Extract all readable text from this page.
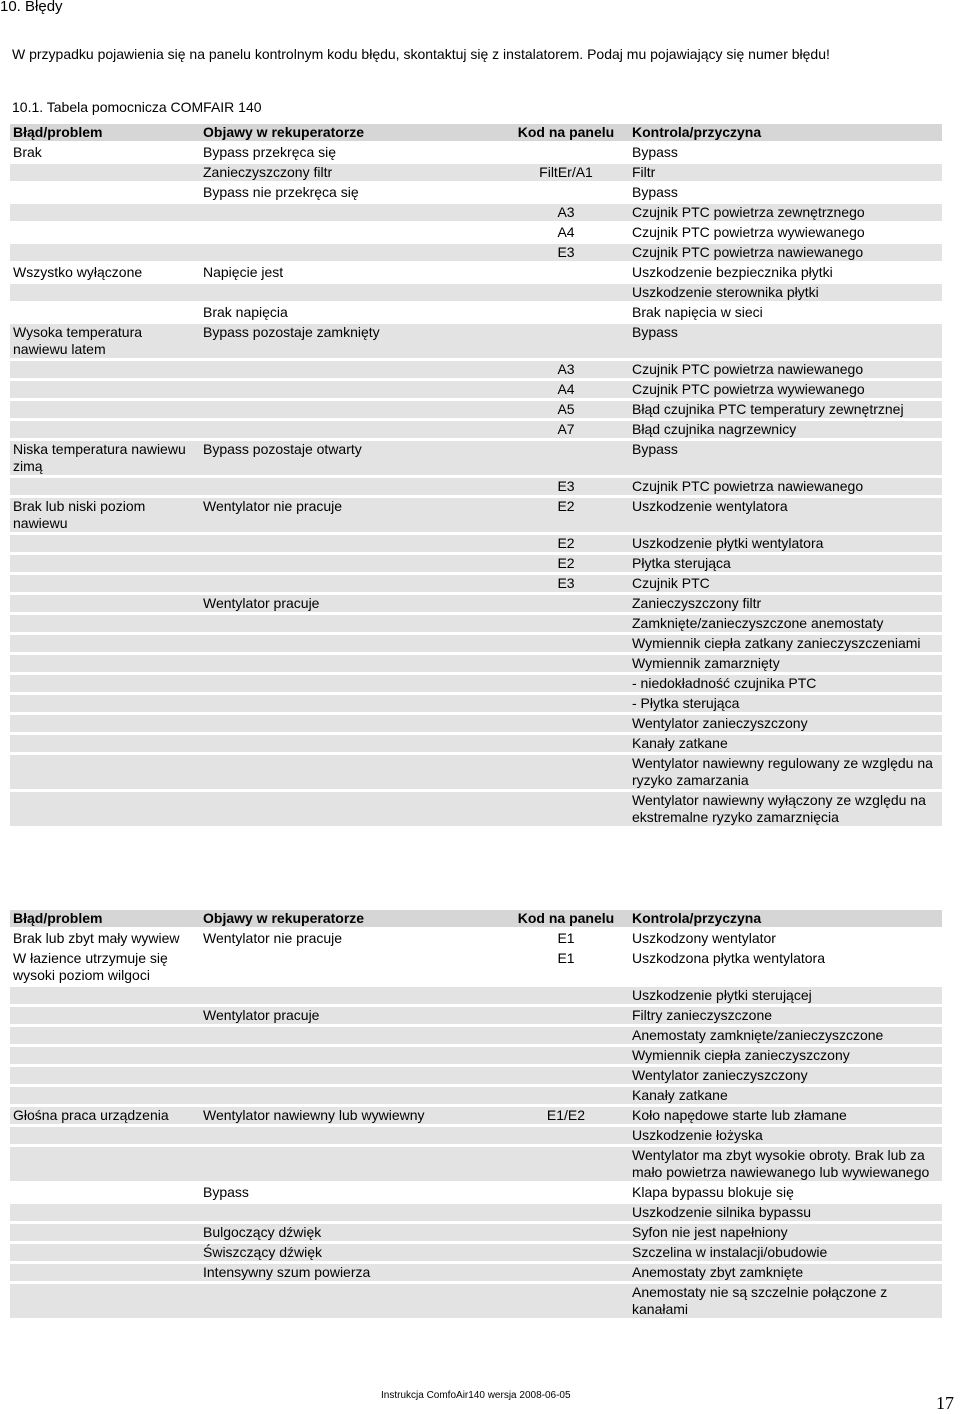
10. Błędy
W przypadku pojawienia się na panelu kontrolnym kodu błędu, skontaktuj się z instalatorem. Podaj mu pojawiający się numer błędu!
10.1. Tabela pomocnicza COMFAIR 140
Błąd/problem	Objawy w rekuperatorze	Kod na panelu	Kontrola/przyczyna
Brak	Bypass przekręca się		Bypass
	Zanieczyszczony filtr	FiltEr/A1	Filtr
	Bypass nie przekręca się		Bypass
		A3	Czujnik PTC powietrza zewnętrznego
		A4	Czujnik PTC powietrza wywiewanego
		E3	Czujnik PTC powietrza nawiewanego
Wszystko wyłączone	Napięcie jest		Uszkodzenie bezpiecznika płytki
			Uszkodzenie sterownika płytki
	Brak napięcia		Brak napięcia w sieci
Wysoka temperatura nawiewu latem	Bypass pozostaje zamknięty		Bypass
		A3	Czujnik PTC powietrza nawiewanego
		A4	Czujnik PTC powietrza wywiewanego
		A5	Błąd czujnika PTC temperatury zewnętrznej
		A7	Błąd czujnika nagrzewnicy
Niska temperatura nawiewu zimą	Bypass pozostaje otwarty		Bypass
		E3	Czujnik PTC powietrza nawiewanego
Brak lub niski poziom nawiewu	Wentylator nie pracuje	E2	Uszkodzenie wentylatora
		E2	Uszkodzenie płytki wentylatora
		E2	Płytka sterująca
		E3	Czujnik PTC
	Wentylator pracuje		Zanieczyszczony filtr
			Zamknięte/zanieczyszczone anemostaty
			Wymiennik ciepła zatkany zanieczyszczeniami
			Wymiennik zamarznięty
			- niedokładność czujnika PTC
			- Płytka sterująca
			Wentylator zanieczyszczony
			Kanały zatkane
			Wentylator nawiewny regulowany ze względu na ryzyko zamarzania
			Wentylator nawiewny wyłączony ze względu na ekstremalne ryzyko zamarznięcia
Błąd/problem	Objawy w rekuperatorze	Kod na panelu	Kontrola/przyczyna
Brak lub zbyt mały wywiew	Wentylator nie pracuje	E1	Uszkodzony wentylator
W łazience utrzymuje się wysoki poziom wilgoci		E1	Uszkodzona płytka wentylatora
			Uszkodzenie płytki sterującej
	Wentylator pracuje		Filtry zanieczyszczone
			Anemostaty zamknięte/zanieczyszczone
			Wymiennik ciepła zanieczyszczony
			Wentylator zanieczyszczony
			Kanały zatkane
Głośna praca urządzenia	Wentylator nawiewny lub wywiewny	E1/E2	Koło napędowe starte lub złamane
			Uszkodzenie łożyska
			Wentylator ma zbyt wysokie obroty. Brak lub za mało powietrza nawiewanego lub wywiewanego
	Bypass		Klapa bypassu blokuje się
			Uszkodzenie silnika bypassu
	Bulgoczący dźwięk		Syfon nie jest napełniony
	Świszczący dźwięk		Szczelina w instalacji/obudowie
	Intensywny szum powierza		Anemostaty zbyt zamknięte
			Anemostaty nie są szczelnie połączone z kanałami
Instrukcja ComfoAir140 wersja 2008-06-05	17
